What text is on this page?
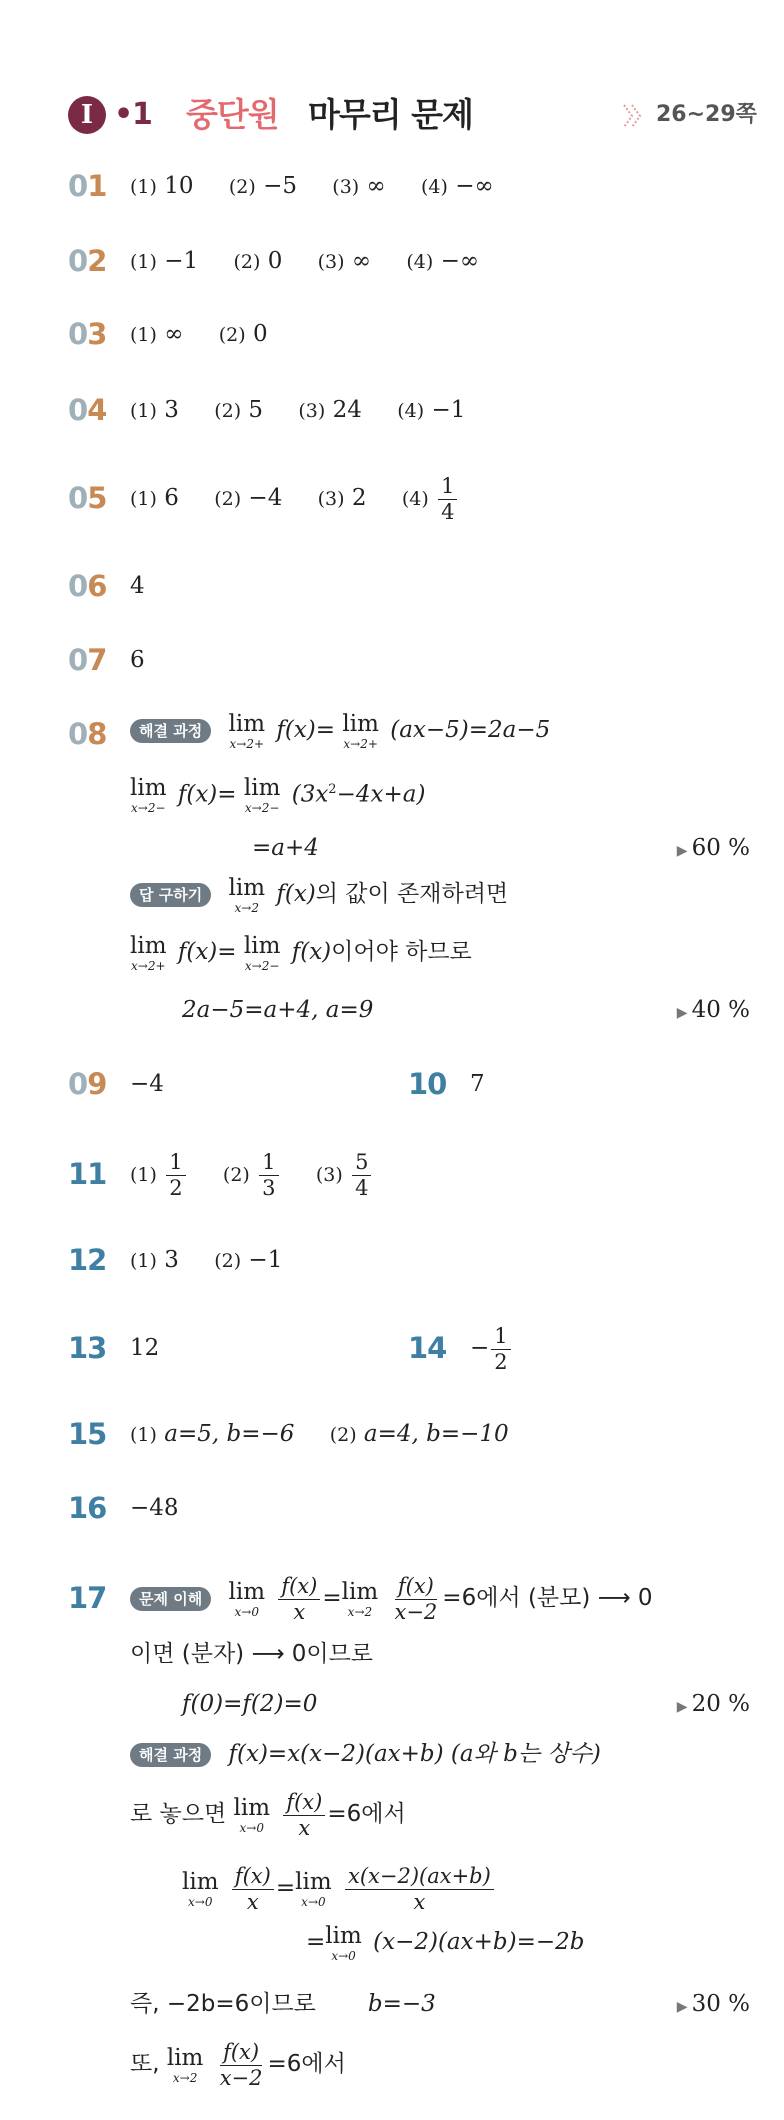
I •
1 중단원 마무리 문제	26~29쪽
01 (1) 10 (2) −5 (3) ∞ (4) −∞
02 (1) −1 (2) 0 (3) ∞ (4) −∞
03 (1) ∞ (2) 0
04 (1) 3 (2) 5 (3) 24 (4) −1
05 (1) 6 (2) −4 (3) 2 $(4) \frac{1}{4}$
06 4
07 6
08	해결 과정 lim
x→2+
f(x)= lim
x→2+
(ax−5)=2a−5
lim
x→2−
f(x)= lim
x→2−
$(3x^2-4x+a)$
=a+4	▶ 60 %
답 구하기 lim
x→2
f(x)의 값이 존재하려면
lim
x→2+
f(x)= lim
x→2−
f(x)이어야 하므로
2a−5=a+4, a=9	▶ 40 %
09 −4	10 7
11 $(1) \frac{1}{2} (2) \frac{1}{3} (3) \frac{5}{4}$
12 (1) 3 (2) −1
13 12	$14 - \frac{1}{2}$
15 (1) a=5, b=−6 (2) a=4, b=−10
16 −48
17	문제 이해 lim
x→0
$\frac{f(x)}{x} = \lim$
x→2
$\frac{f(x)}{x-2} =6$에서 (분모) ⟶ 0
이면 (분자) ⟶ 0이므로
f(0)=f(2)=0	▶ 20 %
해결 과정 f(x)=x(x−2)(ax+b) (a와 b는 상수)
로 놓으면 lim
x→0
$\frac{f(x)}{x} =6$에서
lim
x→0
$\frac{f(x)}{x} = \lim$
x→0
$\frac{x(x-2)(ax+b)}{x}$
= lim
x→0
(x−2)(ax+b)=−2b
즉, −2b=6이므로 b=−3	▶ 30 %
또, lim
x→2
$\frac{f(x)}{x-2} =6$에서
